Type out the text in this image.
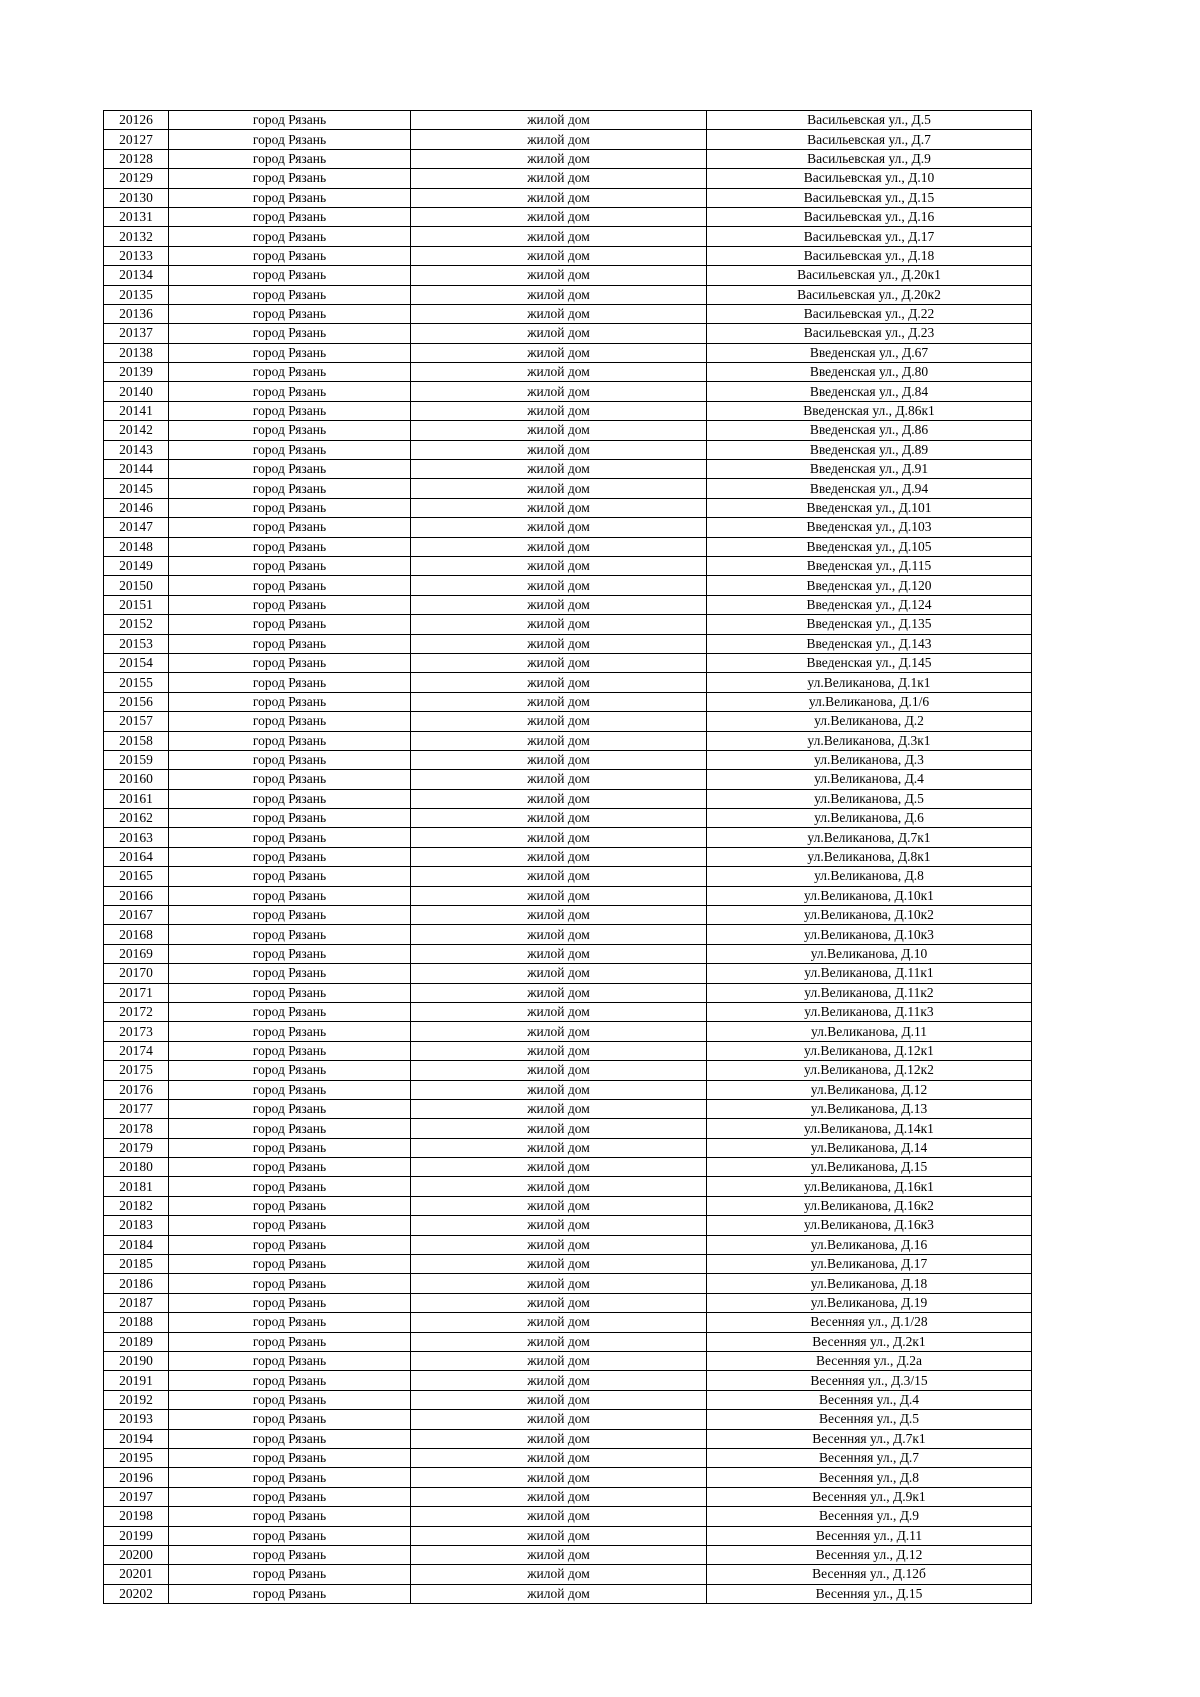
20126	город Рязань	жилой дом	Васильевская ул., Д.5
20127	город Рязань	жилой дом	Васильевская ул., Д.7
20128	город Рязань	жилой дом	Васильевская ул., Д.9
20129	город Рязань	жилой дом	Васильевская ул., Д.10
20130	город Рязань	жилой дом	Васильевская ул., Д.15
20131	город Рязань	жилой дом	Васильевская ул., Д.16
20132	город Рязань	жилой дом	Васильевская ул., Д.17
20133	город Рязань	жилой дом	Васильевская ул., Д.18
20134	город Рязань	жилой дом	Васильевская ул., Д.20к1
20135	город Рязань	жилой дом	Васильевская ул., Д.20к2
20136	город Рязань	жилой дом	Васильевская ул., Д.22
20137	город Рязань	жилой дом	Васильевская ул., Д.23
20138	город Рязань	жилой дом	Введенская ул., Д.67
20139	город Рязань	жилой дом	Введенская ул., Д.80
20140	город Рязань	жилой дом	Введенская ул., Д.84
20141	город Рязань	жилой дом	Введенская ул., Д.86к1
20142	город Рязань	жилой дом	Введенская ул., Д.86
20143	город Рязань	жилой дом	Введенская ул., Д.89
20144	город Рязань	жилой дом	Введенская ул., Д.91
20145	город Рязань	жилой дом	Введенская ул., Д.94
20146	город Рязань	жилой дом	Введенская ул., Д.101
20147	город Рязань	жилой дом	Введенская ул., Д.103
20148	город Рязань	жилой дом	Введенская ул., Д.105
20149	город Рязань	жилой дом	Введенская ул., Д.115
20150	город Рязань	жилой дом	Введенская ул., Д.120
20151	город Рязань	жилой дом	Введенская ул., Д.124
20152	город Рязань	жилой дом	Введенская ул., Д.135
20153	город Рязань	жилой дом	Введенская ул., Д.143
20154	город Рязань	жилой дом	Введенская ул., Д.145
20155	город Рязань	жилой дом	ул.Великанова, Д.1к1
20156	город Рязань	жилой дом	ул.Великанова, Д.1/6
20157	город Рязань	жилой дом	ул.Великанова, Д.2
20158	город Рязань	жилой дом	ул.Великанова, Д.3к1
20159	город Рязань	жилой дом	ул.Великанова, Д.3
20160	город Рязань	жилой дом	ул.Великанова, Д.4
20161	город Рязань	жилой дом	ул.Великанова, Д.5
20162	город Рязань	жилой дом	ул.Великанова, Д.6
20163	город Рязань	жилой дом	ул.Великанова, Д.7к1
20164	город Рязань	жилой дом	ул.Великанова, Д.8к1
20165	город Рязань	жилой дом	ул.Великанова, Д.8
20166	город Рязань	жилой дом	ул.Великанова, Д.10к1
20167	город Рязань	жилой дом	ул.Великанова, Д.10к2
20168	город Рязань	жилой дом	ул.Великанова, Д.10к3
20169	город Рязань	жилой дом	ул.Великанова, Д.10
20170	город Рязань	жилой дом	ул.Великанова, Д.11к1
20171	город Рязань	жилой дом	ул.Великанова, Д.11к2
20172	город Рязань	жилой дом	ул.Великанова, Д.11к3
20173	город Рязань	жилой дом	ул.Великанова, Д.11
20174	город Рязань	жилой дом	ул.Великанова, Д.12к1
20175	город Рязань	жилой дом	ул.Великанова, Д.12к2
20176	город Рязань	жилой дом	ул.Великанова, Д.12
20177	город Рязань	жилой дом	ул.Великанова, Д.13
20178	город Рязань	жилой дом	ул.Великанова, Д.14к1
20179	город Рязань	жилой дом	ул.Великанова, Д.14
20180	город Рязань	жилой дом	ул.Великанова, Д.15
20181	город Рязань	жилой дом	ул.Великанова, Д.16к1
20182	город Рязань	жилой дом	ул.Великанова, Д.16к2
20183	город Рязань	жилой дом	ул.Великанова, Д.16к3
20184	город Рязань	жилой дом	ул.Великанова, Д.16
20185	город Рязань	жилой дом	ул.Великанова, Д.17
20186	город Рязань	жилой дом	ул.Великанова, Д.18
20187	город Рязань	жилой дом	ул.Великанова, Д.19
20188	город Рязань	жилой дом	Весенняя ул., Д.1/28
20189	город Рязань	жилой дом	Весенняя ул., Д.2к1
20190	город Рязань	жилой дом	Весенняя ул., Д.2а
20191	город Рязань	жилой дом	Весенняя ул., Д.3/15
20192	город Рязань	жилой дом	Весенняя ул., Д.4
20193	город Рязань	жилой дом	Весенняя ул., Д.5
20194	город Рязань	жилой дом	Весенняя ул., Д.7к1
20195	город Рязань	жилой дом	Весенняя ул., Д.7
20196	город Рязань	жилой дом	Весенняя ул., Д.8
20197	город Рязань	жилой дом	Весенняя ул., Д.9к1
20198	город Рязань	жилой дом	Весенняя ул., Д.9
20199	город Рязань	жилой дом	Весенняя ул., Д.11
20200	город Рязань	жилой дом	Весенняя ул., Д.12
20201	город Рязань	жилой дом	Весенняя ул., Д.12б
20202	город Рязань	жилой дом	Весенняя ул., Д.15
